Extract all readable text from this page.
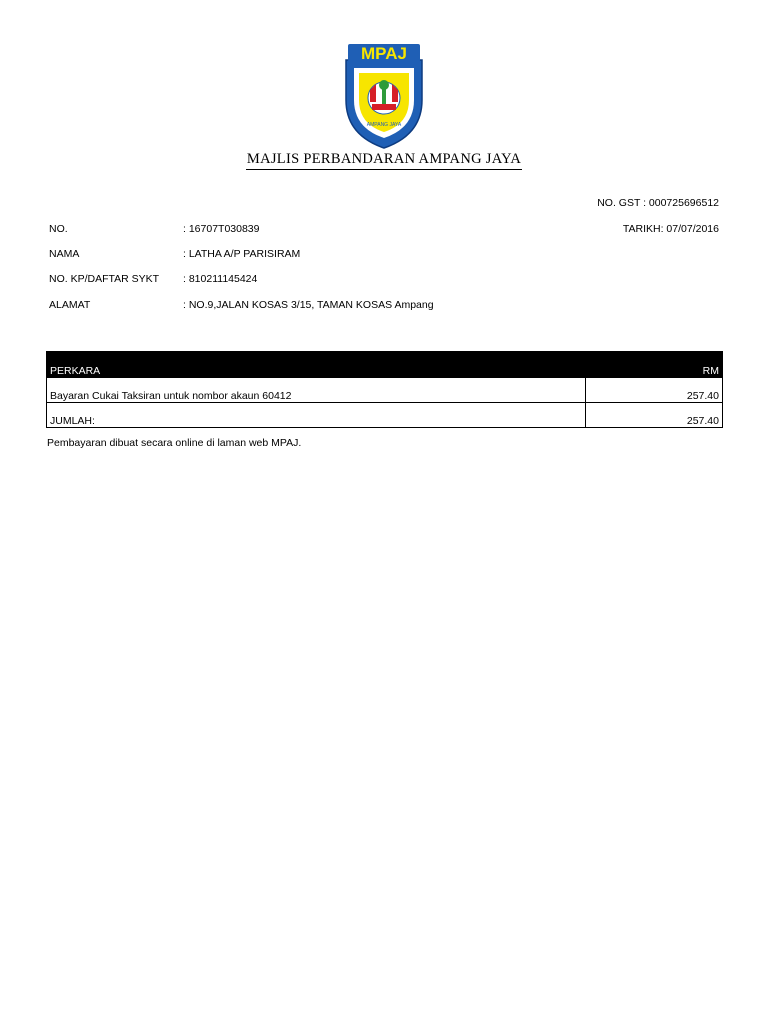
MPAJ
AMPANG JAYA
MAJLIS PERBANDARAN AMPANG JAYA
NO. GST : 000725696512
NO.	: 16707T030839	TARIKH: 07/07/2016
NAMA	: LATHA A/P PARISIRAM
NO. KP/DAFTAR SYKT : 810211145424
ALAMAT	: NO.9,JALAN KOSAS 3/15, TAMAN KOSAS Ampang
PERKARA	RM
Bayaran Cukai Taksiran untuk nombor akaun 60412	257.40
JUMLAH:	257.40
Pembayaran dibuat secara online di laman web MPAJ.
